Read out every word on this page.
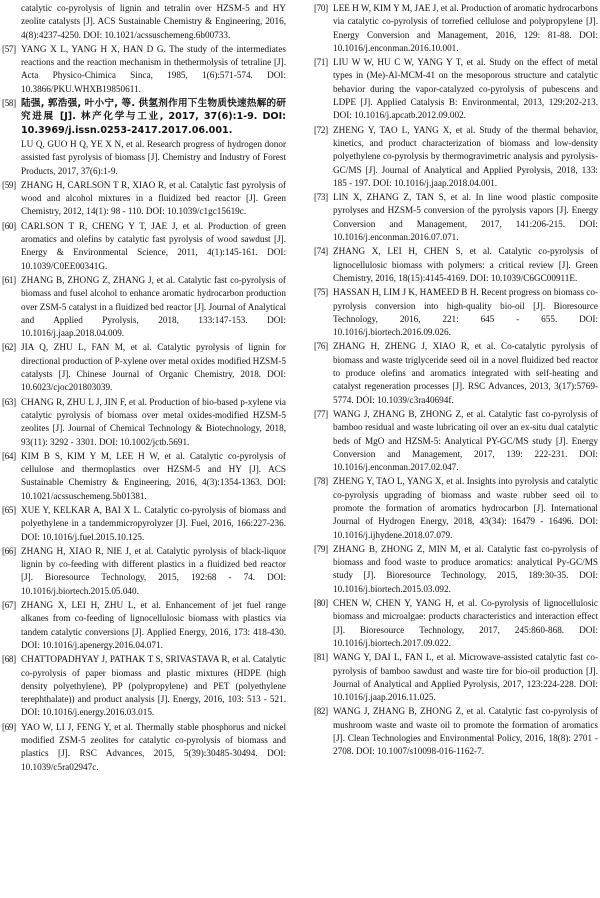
catalytic co-pyrolysis of lignin and tetralin over HZSM-5 and HY zeolite catalysts [J]. ACS Sustainable Chemistry & Engineering, 2016, 4(8):4237-4250. DOI: 10.1021/acssuschemeng.6b00733.
[57] YANG X L, YANG H X, HAN D G. The study of the intermediates reactions and the reaction mechanism in thethermolysis of tetraline [J]. Acta Physico-Chimica Sinca, 1985, 1(6):571-574. DOI: 10.3866/PKU.WHXB19850611.
[58] 陆强, 郭浩强, 叶小宁, 等. 供氢剂作用下生物质快速热解的研究进展 [J]. 林产化学与工业, 2017, 37(6):1-9. DOI: 10.3969/j.issn.0253-2417.2017.06.001.
LU Q, GUO H Q, YE X N, et al. Research progress of hydrogen donor assisted fast pyrolysis of biomass [J]. Chemistry and Industry of Forest Products, 2017, 37(6):1-9.
[59] ZHANG H, CARLSON T R, XIAO R, et al. Catalytic fast pyrolysis of wood and alcohol mixtures in a fluidized bed reactor [J]. Green Chemistry, 2012, 14(1): 98 - 110. DOI: 10.1039/c1gc15619c.
[60] CARLSON T R, CHENG Y T, JAE J, et al. Production of green aromatics and olefins by catalytic fast pyrolysis of wood sawdust [J]. Energy & Environmental Science, 2011, 4(1):145-161. DOI: 10.1039/C0EE00341G.
[61] ZHANG B, ZHONG Z, ZHANG J, et al. Catalytic fast co-pyrolysis of biomass and fusel alcohol to enhance aromatic hydrocarbon production over ZSM-5 catalyst in a fluidized bed reactor [J]. Journal of Analytical and Applied Pyrolysis, 2018, 133:147-153. DOI: 10.1016/j.jaap.2018.04.009.
[62] JIA Q, ZHU L, FAN M, et al. Catalytic pyrolysis of lignin for directional production of P-xylene over metal oxides modified HZSM-5 catalysts [J]. Chinese Journal of Organic Chemistry, 2018. DOI: 10.6023/cjoc201803039.
[63] CHANG R, ZHU L J, JIN F, et al. Production of bio-based p-xylene via catalytic pyrolysis of biomass over metal oxides-modified HZSM-5 zeolites [J]. Journal of Chemical Technology & Biotechnology, 2018, 93(11): 3292 - 3301. DOI: 10.1002/jctb.5691.
[64] KIM B S, KIM Y M, LEE H W, et al. Catalytic co-pyrolysis of cellulose and thermoplastics over HZSM-5 and HY [J]. ACS Sustainable Chemistry & Engineering, 2016, 4(3):1354-1363. DOI: 10.1021/acssuschemeng.5b01381.
[65] XUE Y, KELKAR A, BAI X L. Catalytic co-pyrolysis of biomass and polyethylene in a tandemmicropyrolyzer [J]. Fuel, 2016, 166:227-236. DOI: 10.1016/j.fuel.2015.10.125.
[66] ZHANG H, XIAO R, NIE J, et al. Catalytic pyrolysis of black-liquor lignin by co-feeding with different plastics in a fluidized bed reactor [J]. Bioresource Technology, 2015, 192:68 - 74. DOI: 10.1016/j.biortech.2015.05.040.
[67] ZHANG X, LEI H, ZHU L, et al. Enhancement of jet fuel range alkanes from co-feeding of lignocellulosic biomass with plastics via tandem catalytic conversions [J]. Applied Energy, 2016, 173: 418-430. DOI: 10.1016/j.apenergy.2016.04.071.
[68] CHATTOPADHYAY J, PATHAK T S, SRIVASTAVA R, et al. Catalytic co-pyrolysis of paper biomass and plastic mixtures (HDPE (high density polyethylene), PP (polypropylene) and PET (polyethylene terephthalate)) and product analysis [J]. Energy, 2016, 103: 513 - 521. DOI: 10.1016/j.energy.2016.03.015.
[69] YAO W, LI J, FENG Y, et al. Thermally stable phosphorus and nickel modified ZSM-5 zeolites for catalytic co-pyrolysis of biomass and plastics [J]. RSC Advances, 2015, 5(39):30485-30494. DOI: 10.1039/c5ra02947c.
[70] LEE H W, KIM Y M, JAE J, et al. Production of aromatic hydrocarbons via catalytic co-pyrolysis of torrefied cellulose and polypropylene [J]. Energy Conversion and Management, 2016, 129: 81-88. DOI: 10.1016/j.enconman.2016.10.001.
[71] LIU W W, HU C W, YANG Y T, et al. Study on the effect of metal types in (Me)-Al-MCM-41 on the mesoporous structure and catalytic behavior during the vapor-catalyzed co-pyrolysis of pubescens and LDPE [J]. Applied Catalysis B: Environmental, 2013, 129:202-213. DOI: 10.1016/j.apcatb.2012.09.002.
[72] ZHENG Y, TAO L, YANG X, et al. Study of the thermal behavior, kinetics, and product characterization of biomass and low-density polyethylene co-pyrolysis by thermogravimetric analysis and pyrolysis-GC/MS [J]. Journal of Analytical and Applied Pyrolysis, 2018, 133: 185 - 197. DOI: 10.1016/j.jaap.2018.04.001.
[73] LIN X, ZHANG Z, TAN S, et al. In line wood plastic composite pyrolyses and HZSM-5 conversion of the pyrolysis vapors [J]. Energy Conversion and Management, 2017, 141:206-215. DOI: 10.1016/j.enconman.2016.07.071.
[74] ZHANG X, LEI H, CHEN S, et al. Catalytic co-pyrolysis of lignocellulosic biomass with polymers: a critical review [J]. Green Chemistry, 2016, 18(15):4145-4169. DOI: 10.1039/C6GC00911E.
[75] HASSAN H, LIM J K, HAMEED B H. Recent progress on biomass co-pyrolysis conversion into high-quality bio-oil [J]. Bioresource Technology, 2016, 221: 645 - 655. DOI: 10.1016/j.biortech.2016.09.026.
[76] ZHANG H, ZHENG J, XIAO R, et al. Co-catalytic pyrolysis of biomass and waste triglyceride seed oil in a novel fluidized bed reactor to produce olefins and aromatics integrated with self-heating and catalyst regeneration processes [J]. RSC Advances, 2013, 3(17):5769-5774. DOI: 10.1039/c3ra40694f.
[77] WANG J, ZHANG B, ZHONG Z, et al. Catalytic fast co-pyrolysis of bamboo residual and waste lubricating oil over an ex-situ dual catalytic beds of MgO and HZSM-5: Analytical PY-GC/MS study [J]. Energy Conversion and Management, 2017, 139: 222-231. DOI: 10.1016/j.enconman.2017.02.047.
[78] ZHENG Y, TAO L, YANG X, et al. Insights into pyrolysis and catalytic co-pyrolysis upgrading of biomass and waste rubber seed oil to promote the formation of aromatics hydrocarbon [J]. International Journal of Hydrogen Energy, 2018, 43(34): 16479 - 16496. DOI: 10.1016/j.ijhydene.2018.07.079.
[79] ZHANG B, ZHONG Z, MIN M, et al. Catalytic fast co-pyrolysis of biomass and food waste to produce aromatics: analytical Py-GC/MS study [J]. Bioresource Technology, 2015, 189:30-35. DOI: 10.1016/j.biortech.2015.03.092.
[80] CHEN W, CHEN Y, YANG H, et al. Co-pyrolysis of lignocellulosic biomass and microalgae: products characteristics and interaction effect [J]. Bioresource Technology, 2017, 245:860-868. DOI: 10.1016/j.biortech.2017.09.022.
[81] WANG Y, DAI L, FAN L, et al. Microwave-assisted catalytic fast co-pyrolysis of bamboo sawdust and waste tire for bio-oil production [J]. Journal of Analytical and Applied Pyrolysis, 2017, 123:224-228. DOI: 10.1016/j.jaap.2016.11.025.
[82] WANG J, ZHANG B, ZHONG Z, et al. Catalytic fast co-pyrolysis of mushroom waste and waste oil to promote the formation of aromatics [J]. Clean Technologies and Environmental Policy, 2016, 18(8): 2701 - 2708. DOI: 10.1007/s10098-016-1162-7.
